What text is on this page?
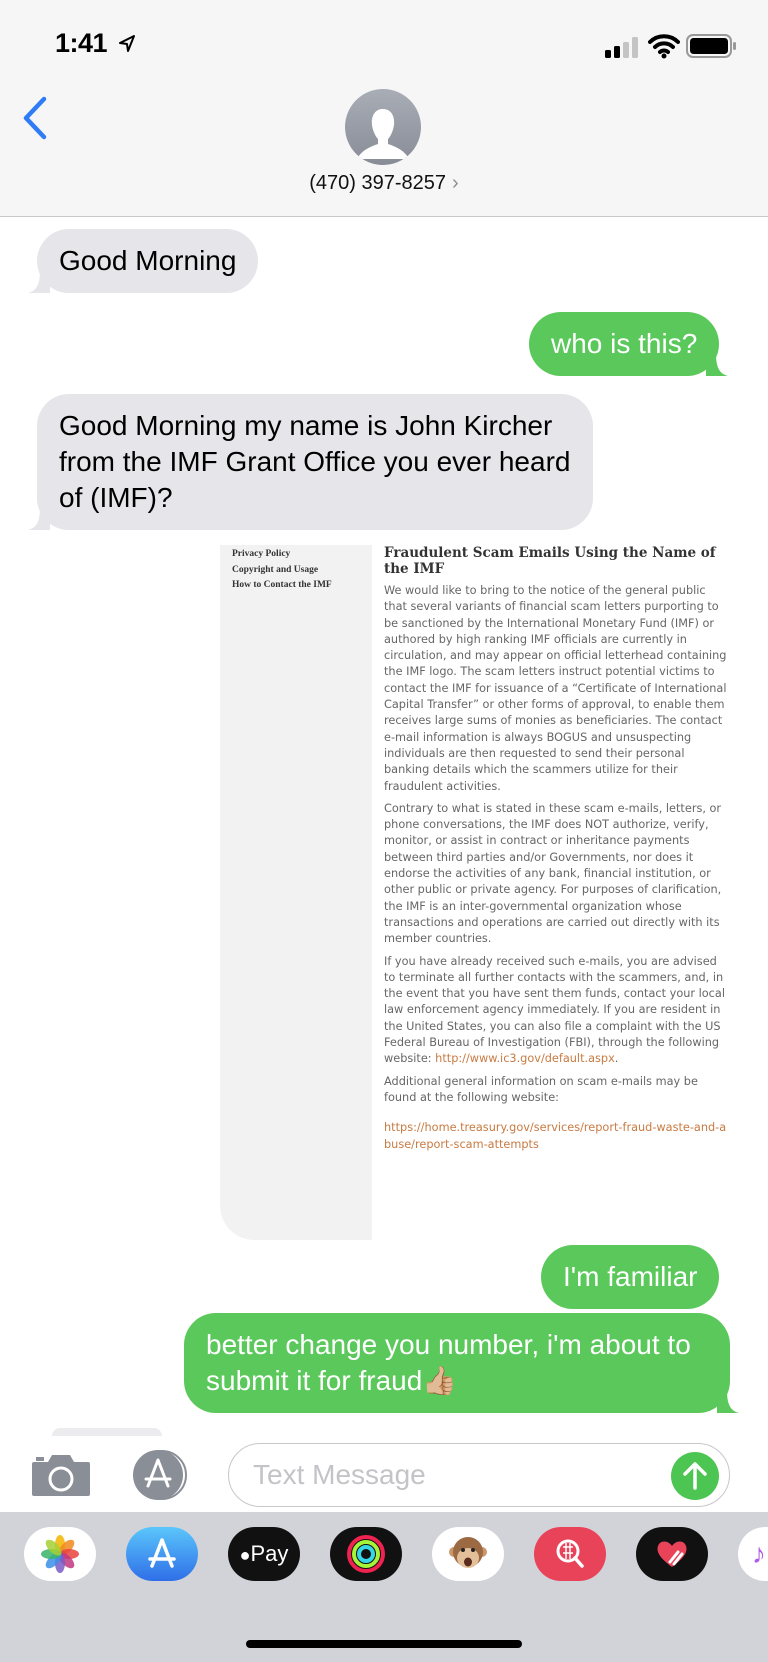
1:41
(470) 397-8257 ›
Good Morning
who is this?
Good Morning my name is John Kircher from the IMF Grant Office you ever heard of (IMF)?
Privacy Policy
Copyright and Usage
How to Contact the IMF
Fraudulent Scam Emails Using the Name of the IMF
We would like to bring to the notice of the general public that several variants of financial scam letters purporting to be sanctioned by the International Monetary Fund (IMF) or authored by high ranking IMF officials are currently in circulation, and may appear on official letterhead containing the IMF logo. The scam letters instruct potential victims to contact the IMF for issuance of a “Certificate of International Capital Transfer” or other forms of approval, to enable them receives large sums of monies as beneficiaries. The contact e-mail information is always BOGUS and unsuspecting individuals are then requested to send their personal banking details which the scammers utilize for their fraudulent activities.
Contrary to what is stated in these scam e-mails, letters, or phone conversations, the IMF does NOT authorize, verify, monitor, or assist in contract or inheritance payments between third parties and/or Governments, nor does it endorse the activities of any bank, financial institution, or other public or private agency. For purposes of clarification, the IMF is an inter-governmental organization whose transactions and operations are carried out directly with its member countries.
If you have already received such e-mails, you are advised to terminate all further contacts with the scammers, and, in the event that you have sent them funds, contact your local law enforcement agency immediately. If you are resident in the United States, you can also file a complaint with the US Federal Bureau of Investigation (FBI), through the following website: http://www.ic3.gov/default.aspx.
Additional general information on scam e-mails may be found at the following website:
https://home.treasury.gov/services/report-fraud-waste-and-abuse/report-scam-attempts
I'm familiar
better change you number, i'm about to submit it for fraud👍🏼
Text Message
●Pay	♪
